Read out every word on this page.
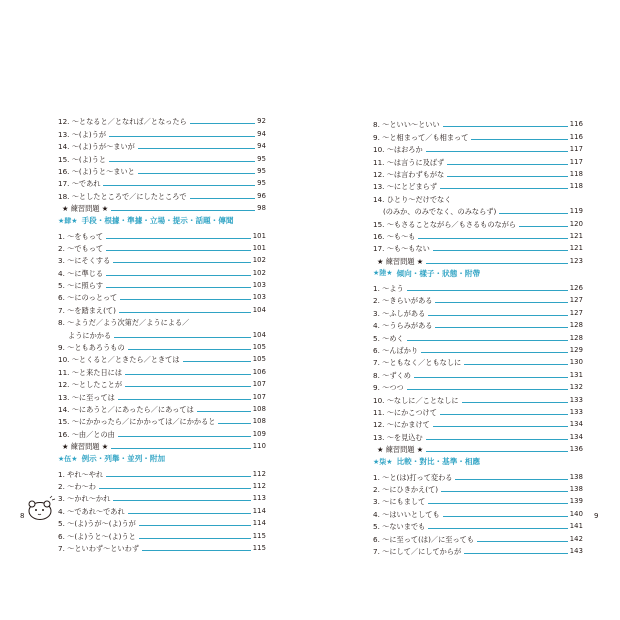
12. ～となると／となれば／となったら	92
13. ～(よ)うが	94
14. ～(よ)うが～まいが	94
15. ～(よ)うと	95
16. ～(よ)うと～まいと	95
17. ～であれ	95
18. ～としたところで／にしたところで	96
★ 練習問題 ★	98
★肆★ 手段・根據・準據・立場・提示・話題・傳聞
1. ～をもって	101
2. ～でもって	101
3. ～にそくする	102
4. ～に準じる	102
5. ～に照らす	103
6. ～にのっとって	103
7. ～を踏まえ(て)	104
8. ～ようだ／よう次第だ／ようによる／
ようにかかる	104
9. ～ともあろうもの	105
10. ～とくると／ときたら／ときては	105
11. ～と来た日には	106
12. ～としたことが	107
13. ～に至っては	107
14. ～にあうと／にあったら／にあっては	108
15. ～にかかったら／にかかっては／にかかると	108
16. ～由／との由	109
★ 練習問題 ★	110
★伍★ 例示・列舉・並列・附加
1. やれ～やれ	112
2. ～わ～わ	112
3. ～かれ～かれ	113
4. ～であれ～であれ	114
5. ～(よ)うが～(よ)うが	114
6. ～(よ)うと～(よ)うと	115
7. ～といわず～といわず	115
8	9
8. ～といい～といい	116
9. ～と相まって／も相まって	116
10. ～はおろか	117
11. ～は言うに及ばず	117
12. ～は言わずもがな	118
13. ～にとどまらず	118
14. ひとり～だけでなく
(のみか、のみでなく、のみならず)	119
15. ～もさることながら／もさるものながら	120
16. ～も～も	121
17. ～も～もない	121
★ 練習問題 ★	123
★陸★ 傾向・樣子・狀態・附帶
1. ～よう	126
2. ～きらいがある	127
3. ～ふしがある	127
4. ～うらみがある	128
5. ～めく	128
6. ～んばかり	129
7. ～ともなく／ともなしに	130
8. ～ずくめ	131
9. ～つつ	132
10. ～なしに／ことなしに	133
11. ～にかこつけて	133
12. ～にかまけて	134
13. ～を見込む	134
★ 練習問題 ★	136
★柒★ 比較・對比・基準・相應
1. ～と(は)打って変わる	138
2. ～にひきかえ(て)	138
3. ～にもまして	139
4. ～はいいとしても	140
5. ～ないまでも	141
6. ～に至って(は)／に至っても	142
7. ～にして／にしてからが	143
